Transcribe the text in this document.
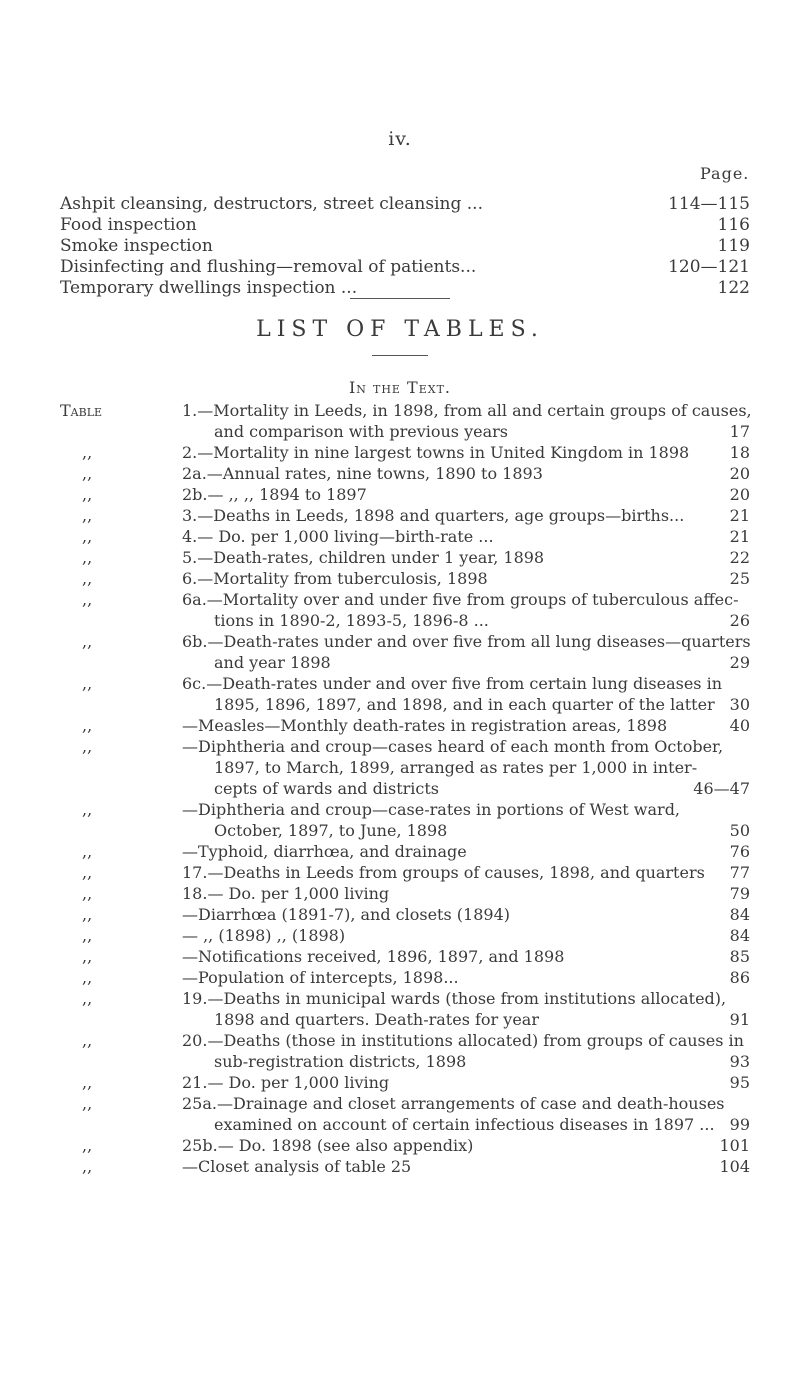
iv.
Page.
Ashpit cleansing, destructors, street cleansing ...	114—115
Food inspection	116
Smoke inspection	119
Disinfecting and flushing—removal of patients...	120—121
Temporary dwellings inspection ...	122
LIST OF TABLES.
In the Text.
Table	1.—Mortality in Leeds, in 1898, from all and certain groups of causes,
and comparison with previous years	17
,,	2.—Mortality in nine largest towns in United Kingdom in 1898	18
,,	2a.—Annual rates, nine towns, 1890 to 1893	20
,,	2b.— ,, ,, 1894 to 1897	20
,,	3.—Deaths in Leeds, 1898 and quarters, age groups—births...	21
,,	4.— Do. per 1,000 living—birth-rate ...	21
,,	5.—Death-rates, children under 1 year, 1898	22
,,	6.—Mortality from tuberculosis, 1898	25
,,	6a.—Mortality over and under five from groups of tuberculous affec-
tions in 1890-2, 1893-5, 1896-8 ...	26
,,	6b.—Death-rates under and over five from all lung diseases—quarters
and year 1898	29
,,	6c.—Death-rates under and over five from certain lung diseases in
1895, 1896, 1897, and 1898, and in each quarter of the latter 30
,,	—Measles—Monthly death-rates in registration areas, 1898	40
,,	—Diphtheria and croup—cases heard of each month from October,
1897, to March, 1899, arranged as rates per 1,000 in inter-
cepts of wards and districts	46—47
,,	—Diphtheria and croup—case-rates in portions of West ward,
October, 1897, to June, 1898	50
,,	—Typhoid, diarrhœa, and drainage	76
,,	17.—Deaths in Leeds from groups of causes, 1898, and quarters 77
,,	18.— Do. per 1,000 living	79
,,	—Diarrhœa (1891-7), and closets (1894)	84
,,	— ,, (1898) ,, (1898)	84
,,	—Notifications received, 1896, 1897, and 1898	85
,,	—Population of intercepts, 1898...	86
,,	19.—Deaths in municipal wards (those from institutions allocated),
1898 and quarters. Death-rates for year	91
,,	20.—Deaths (those in institutions allocated) from groups of causes in
sub-registration districts, 1898	93
,,	21.— Do. per 1,000 living	95
,,	25a.—Drainage and closet arrangements of case and death-houses
examined on account of certain infectious diseases in 1897 ... 99
,,	25b.— Do. 1898 (see also appendix)	101
,,	—Closet analysis of table 25	104
